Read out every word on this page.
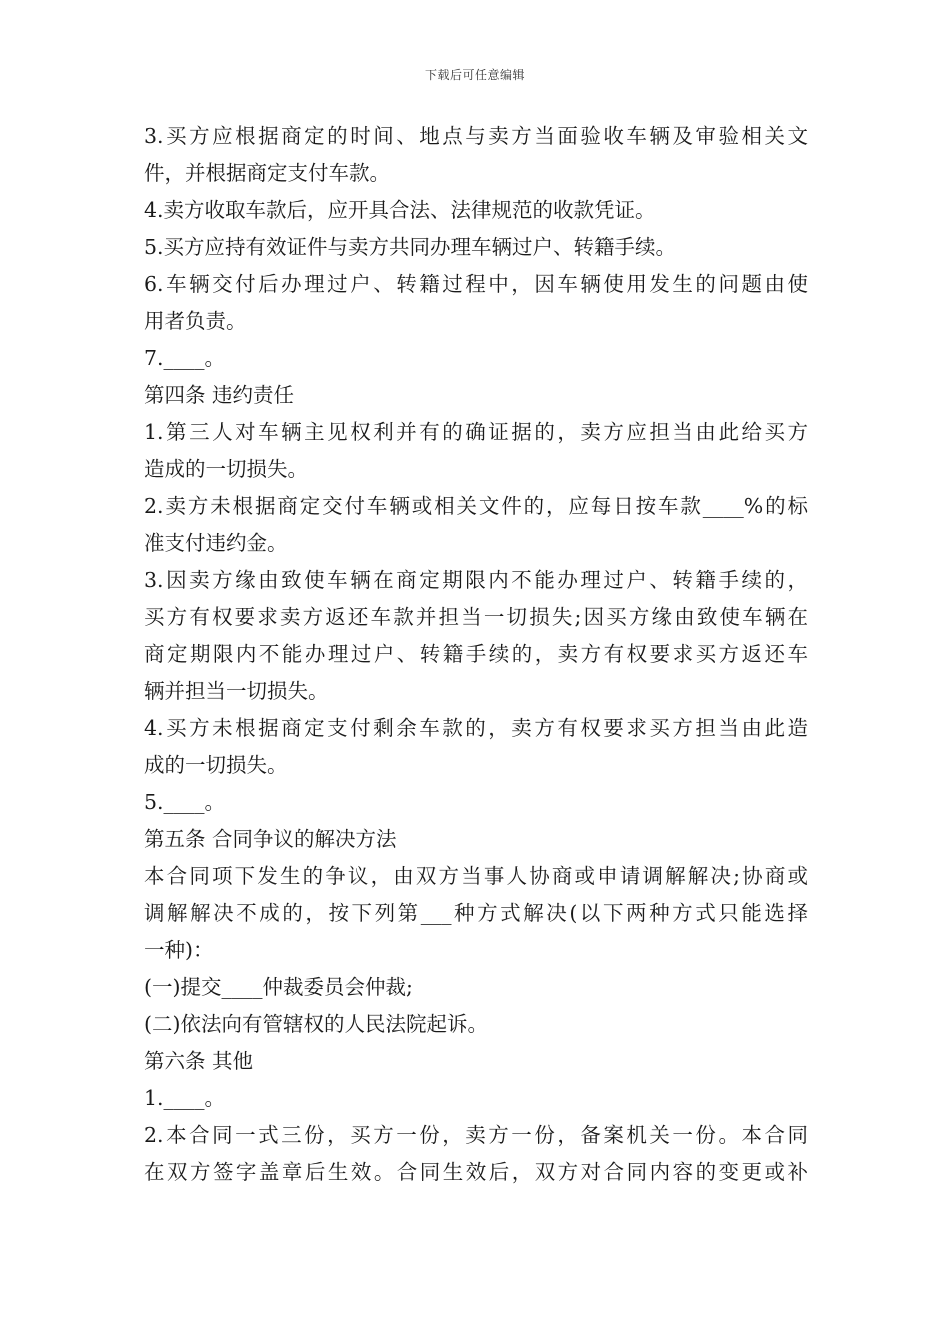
下载后可任意编辑

3.买方应根据商定的时间、地点与卖方当面验收车辆及审验相关文

件，并根据商定支付车款。

4.卖方收取车款后，应开具合法、法律规范的收款凭证。

5.买方应持有效证件与卖方共同办理车辆过户、转籍手续。

6.车辆交付后办理过户、转籍过程中，因车辆使用发生的问题由使

用者负责。

7.____。

第四条 违约责任

1.第三人对车辆主见权利并有的确证据的，卖方应担当由此给买方

造成的一切损失。

2.卖方未根据商定交付车辆或相关文件的，应每日按车款____%的标

准支付违约金。

3.因卖方缘由致使车辆在商定期限内不能办理过户、转籍手续的，

买方有权要求卖方返还车款并担当一切损失;因买方缘由致使车辆在

商定期限内不能办理过户、转籍手续的，卖方有权要求买方返还车

辆并担当一切损失。

4.买方未根据商定支付剩余车款的，卖方有权要求买方担当由此造

成的一切损失。

5.____。

第五条 合同争议的解决方法

本合同项下发生的争议，由双方当事人协商或申请调解解决;协商或

调解解决不成的，按下列第___种方式解决(以下两种方式只能选择

一种)：

(一)提交____仲裁委员会仲裁;

(二)依法向有管辖权的人民法院起诉。

第六条 其他

1.____。

2.本合同一式三份，买方一份，卖方一份，备案机关一份。本合同

在双方签字盖章后生效。合同生效后，双方对合同内容的变更或补
